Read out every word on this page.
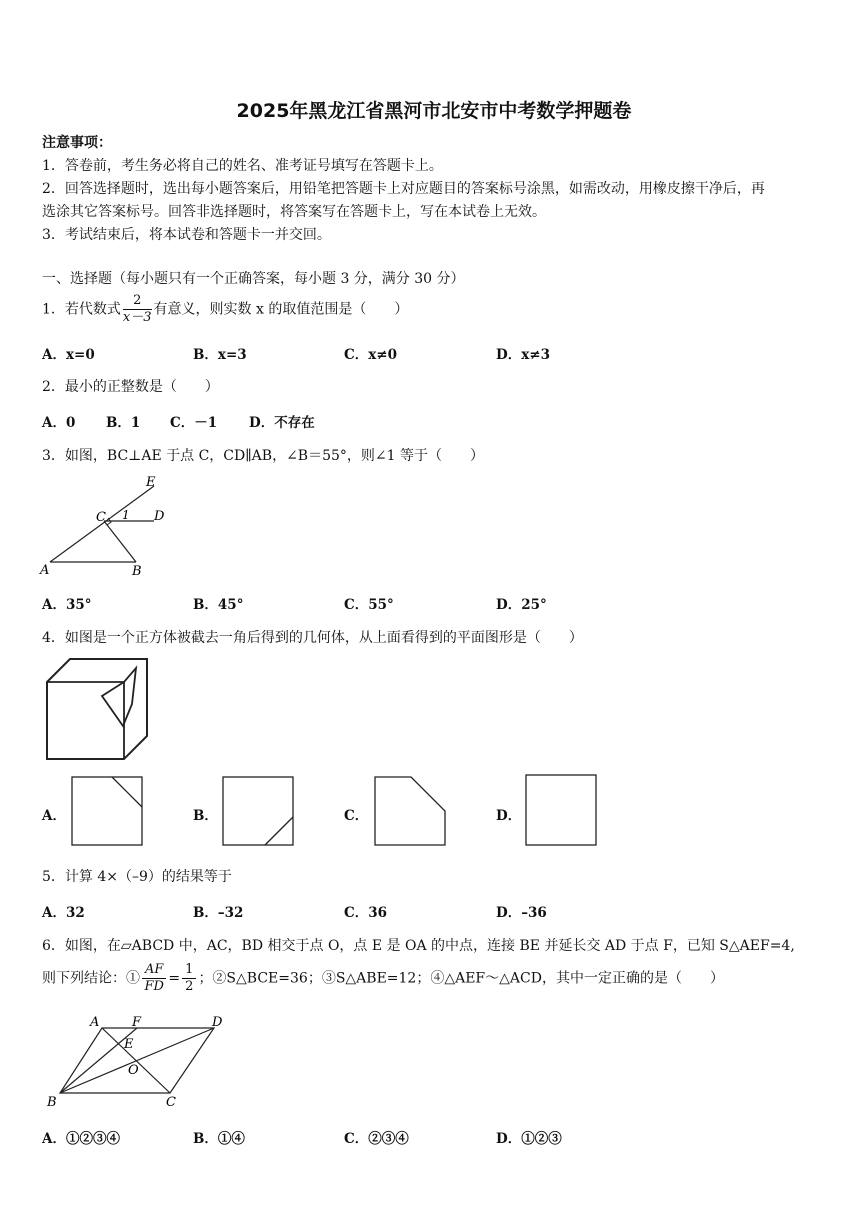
2025年黑龙江省黑河市北安市中考数学押题卷
注意事项：
1．答卷前，考生务必将自己的姓名、准考证号填写在答题卡上。
2．回答选择题时，选出每小题答案后，用铅笔把答题卡上对应题目的答案标号涂黑，如需改动，用橡皮擦干净后，再
选涂其它答案标号。回答非选择题时，将答案写在答题卡上，写在本试卷上无效。
3．考试结束后，将本试卷和答题卡一并交回。
一、选择题（每小题只有一个正确答案，每小题 3 分，满分 30 分）
1．若代数式 $\frac{2}{x-3}$ 有意义，则实数 x 的取值范围是（　　）
A．x=0	B．x=3	C．x≠0	D．x≠3
2．最小的正整数是（　　）
A．0 B．1 C．－1 D．不存在
3．如图，BC⊥AE 于点 C，CD∥AB，∠B＝55°，则∠1 等于（　　）
E
C 1 D
A	B
A．35°	B．45°	C．55°	D．25°
4．如图是一个正方体被截去一角后得到的几何体，从上面看得到的平面图形是（　　）
A．	B．	C．	D．
5．计算 4×（–9）的结果等于
A．32	B．–32	C．36	D．–36
6．如图，在▱ABCD 中，AC，BD 相交于点 O，点 E 是 OA 的中点，连接 BE 并延长交 AD 于点 F，已知 S△AEF=4,
则下列结论：① $\frac{AF}{FD} = \frac{1}{2}$ ；②S△BCE=36；③S△ABE=12；④△AEF～△ACD，其中一定正确的是（　　）
A	F	D
E
O
B	C
A．①②③④	B．①④	C．②③④	D．①②③
